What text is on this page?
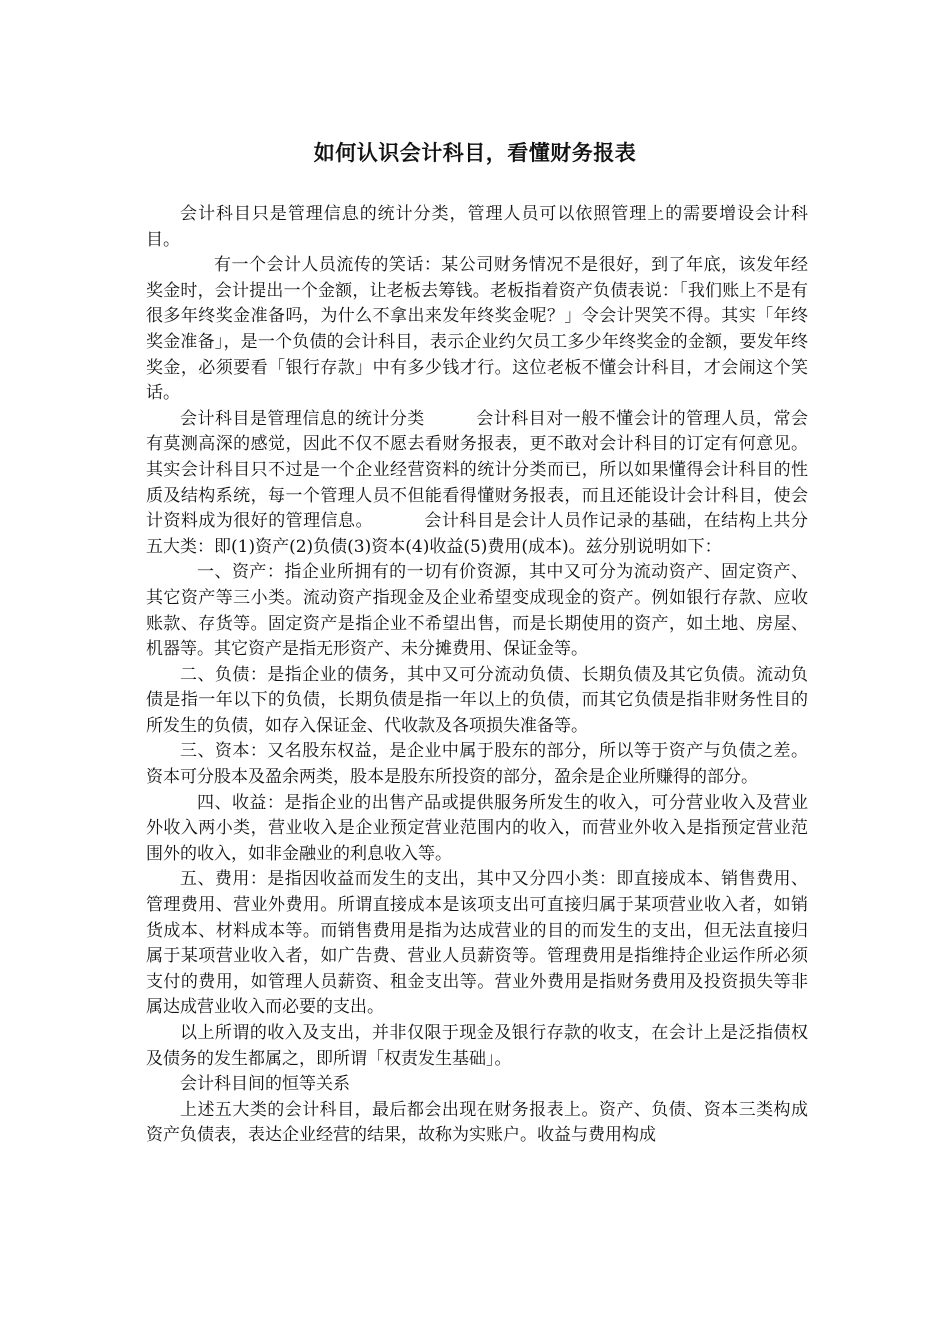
如何认识会计科目，看懂财务报表

会计科目只是管理信息的统计分类，管理人员可以依照管理上的需要增设会计科目。

有一个会计人员流传的笑话：某公司财务情况不是很好，到了年底，该发年经奖金时，会计提出一个金额，让老板去筹钱。老板指着资产负债表说：「我们账上不是有很多年终奖金准备吗，为什么不拿出来发年终奖金呢？」令会计哭笑不得。其实「年终奖金准备」，是一个负债的会计科目，表示企业约欠员工多少年终奖金的金额，要发年终奖金，必须要看「银行存款」中有多少钱才行。这位老板不懂会计科目，才会闹这个笑话。

会计科目是管理信息的统计分类	会计科目对一般不懂会计的管理人员，常会有莫测高深的感觉，因此不仅不愿去看财务报表，更不敢对会计科目的订定有何意见。其实会计科目只不过是一个企业经营资料的统计分类而已，所以如果懂得会计科目的性质及结构系统，每一个管理人员不但能看得懂财务报表，而且还能设计会计科目，使会计资料成为很好的管理信息。	会计科目是会计人员作记录的基础，在结构上共分五大类：即(1)资产(2)负债(3)资本(4)收益(5)费用(成本)。兹分别说明如下：

一、资产：指企业所拥有的一切有价资源，其中又可分为流动资产、固定资产、其它资产等三小类。流动资产指现金及企业希望变成现金的资产。例如银行存款、应收账款、存货等。固定资产是指企业不希望出售，而是长期使用的资产，如土地、房屋、机器等。其它资产是指无形资产、未分摊费用、保证金等。

二、负债：是指企业的债务，其中又可分流动负债、长期负债及其它负债。流动负债是指一年以下的负债，长期负债是指一年以上的负债，而其它负债是指非财务性目的所发生的负债，如存入保证金、代收款及各项损失准备等。

三、资本：又名股东权益，是企业中属于股东的部分，所以等于资产与负债之差。资本可分股本及盈余两类，股本是股东所投资的部分，盈余是企业所赚得的部分。

四、收益：是指企业的出售产品或提供服务所发生的收入，可分营业收入及营业外收入两小类，营业收入是企业预定营业范围内的收入，而营业外收入是指预定营业范围外的收入，如非金融业的利息收入等。

五、费用：是指因收益而发生的支出，其中又分四小类：即直接成本、销售费用、管理费用、营业外费用。所谓直接成本是该项支出可直接归属于某项营业收入者，如销货成本、材料成本等。而销售费用是指为达成营业的目的而发生的支出，但无法直接归属于某项营业收入者，如广告费、营业人员薪资等。管理费用是指维持企业运作所必须支付的费用，如管理人员薪资、租金支出等。营业外费用是指财务费用及投资损失等非属达成营业收入而必要的支出。

以上所谓的收入及支出，并非仅限于现金及银行存款的收支，在会计上是泛指债权及债务的发生都属之，即所谓「权责发生基础」。

会计科目间的恒等关系

上述五大类的会计科目，最后都会出现在财务报表上。资产、负债、资本三类构成资产负债表，表达企业经营的结果，故称为实账户。收益与费用构成
